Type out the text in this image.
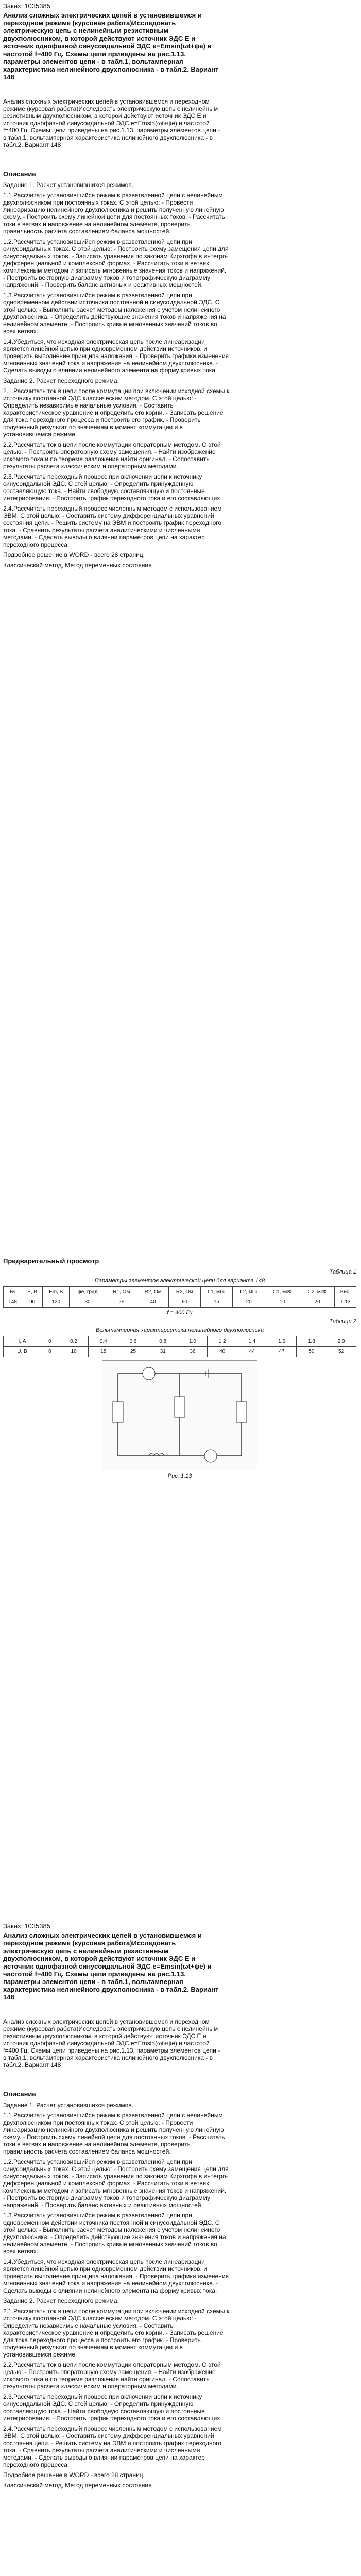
Заказ: 1035385

Анализ сложных электрических цепей в установившемся и переходном режиме (курсовая работа)Исследовать электрическую цепь с нелинейным резистивным двухполюсником, в которой действуют источник ЭДС E и источник однофазной синусоидальной ЭДС e=Emsin(ωt+ψe) и частотой f=400 Гц. Схемы цепи приведены на рис.1.13, параметры элементов цепи - в табл.1, вольтамперная характеристика нелинейного двухполюсника - в табл.2. Вариант 148

Анализ сложных электрических цепей в установившемся и переходном режиме (курсовая работа)Исследовать электрическую цепь с нелинейным резистивным двухполюсником, в которой действуют источник ЭДС E и источник однофазной синусоидальной ЭДС e=Emsin(ωt+ψe) и частотой f=400 Гц. Схемы цепи приведены на рис.1.13, параметры элементов цепи - в табл.1, вольтамперная характеристика нелинейного двухполюсника - в табл.2. Вариант 148

Описание

Задание 1. Расчет установившихся режимов.
1.1.Рассчитать установившийся режим в разветвленной цепи с нелинейным двухполюсником при постоянных токах. С этой целью: - Провести линеаризацию нелинейного двухполюсника и решить полученную линейную схему. - Построить схему линейной цепи для постоянных токов. - Рассчитать токи в ветвях и напряжение на нелинейном элементе, проверить правильность расчета составлением баланса мощностей.
1.2.Рассчитать установившийся режим в разветвленной цепи при синусоидальных токах. С этой целью: - Построить схему замещения цепи для синусоидальных токов. - Записать уравнения по законам Кирхгофа в интегро-дифференциальной и комплексной формах. - Рассчитать токи в ветвях комплексным методом и записать мгновенные значения токов и напряжений. - Построить векторную диаграмму токов и топографическую диаграмму напряжений. - Проверить баланс активных и реактивных мощностей.
1.3.Рассчитать установившийся режим в разветвленной цепи при одновременном действии источника постоянной и синусоидальной ЭДС. С этой целью: - Выполнить расчет методом наложения с учетом нелинейного двухполюсника. - Определить действующие значения токов и напряжения на нелинейном элементе. - Построить кривые мгновенных значений токов во всех ветвях.
1.4.Убедиться, что исходная электрическая цепь после линеаризации является линейной цепью при одновременном действии источников, и проверить выполнение принципа наложения. - Проверить графики изменения мгновенных значений тока и напряжения на нелинейном двухполюснике. - Сделать выводы о влиянии нелинейного элемента на форму кривых тока.
Задание 2. Расчет переходного режима.
2.1.Рассчитать ток в цепи после коммутации при включении исходной схемы к источнику постоянной ЭДС классическим методом. С этой целью: - Определить независимые начальные условия. - Составить характеристическое уравнение и определить его корни. - Записать решение для тока переходного процесса и построить его график. - Проверить полученный результат по значениям в момент коммутации и в установившемся режиме.
2.2.Рассчитать ток в цепи после коммутации операторным методом. С этой целью: - Построить операторную схему замещения. - Найти изображение искомого тока и по теореме разложения найти оригинал. - Сопоставить результаты расчета классическим и операторным методами.
2.3.Рассчитать переходный процесс при включении цепи к источнику синусоидальной ЭДС. С этой целью: - Определить принужденную составляющую тока. - Найти свободную составляющую и постоянные интегрирования. - Построить график переходного тока и его составляющих.
2.4.Рассчитать переходный процесс численным методом с использованием ЭВМ. С этой целью: - Составить систему дифференциальных уравнений состояния цепи. - Решить систему на ЭВМ и построить график переходного тока. - Сравнить результаты расчета аналитическими и численными методами. - Сделать выводы о влиянии параметров цепи на характер переходного процесса.
Подробное решение в WORD - всего 28 страниц.
Классический метод, Метод переменных состояния

Предварительный просмотр

Таблица 1

Параметры элементов электрической цепи для варианта 148

№	E, В	Em, В	ψe, град	R1, Ом	R2, Ом	R3, Ом	L1, мГн	L2, мГн	C1, мкФ	C2, мкФ	Рис.
148	90	120	30	25	40	60	15	20	10	20	1.13

f = 400 Гц

Таблица 2

Вольтамперная характеристика нелинейного двухполюсника

I, А	0	0.2	0.4	0.6	0.8	1.0	1.2	1.4	1.6	1.8	2.0
U, В	0	10	18	25	31	36	40	44	47	50	52

Рис. 1.13

Заказ: 1035385

Анализ сложных электрических цепей в установившемся и переходном режиме (курсовая работа)Исследовать электрическую цепь с нелинейным резистивным двухполюсником, в которой действуют источник ЭДС E и источник однофазной синусоидальной ЭДС e=Emsin(ωt+ψe) и частотой f=400 Гц. Схемы цепи приведены на рис.1.13, параметры элементов цепи - в табл.1, вольтамперная характеристика нелинейного двухполюсника - в табл.2. Вариант 148

Анализ сложных электрических цепей в установившемся и переходном режиме (курсовая работа)Исследовать электрическую цепь с нелинейным резистивным двухполюсником, в которой действуют источник ЭДС E и источник однофазной синусоидальной ЭДС e=Emsin(ωt+ψe) и частотой f=400 Гц. Схемы цепи приведены на рис.1.13, параметры элементов цепи - в табл.1, вольтамперная характеристика нелинейного двухполюсника - в табл.2. Вариант 148

Описание

Задание 1. Расчет установившихся режимов.
1.1.Рассчитать установившийся режим в разветвленной цепи с нелинейным двухполюсником при постоянных токах. С этой целью: - Провести линеаризацию нелинейного двухполюсника и решить полученную линейную схему. - Построить схему линейной цепи для постоянных токов. - Рассчитать токи в ветвях и напряжение на нелинейном элементе, проверить правильность расчета составлением баланса мощностей.
1.2.Рассчитать установившийся режим в разветвленной цепи при синусоидальных токах. С этой целью: - Построить схему замещения цепи для синусоидальных токов. - Записать уравнения по законам Кирхгофа в интегро-дифференциальной и комплексной формах. - Рассчитать токи в ветвях комплексным методом и записать мгновенные значения токов и напряжений. - Построить векторную диаграмму токов и топографическую диаграмму напряжений. - Проверить баланс активных и реактивных мощностей.
1.3.Рассчитать установившийся режим в разветвленной цепи при одновременном действии источника постоянной и синусоидальной ЭДС. С этой целью: - Выполнить расчет методом наложения с учетом нелинейного двухполюсника. - Определить действующие значения токов и напряжения на нелинейном элементе. - Построить кривые мгновенных значений токов во всех ветвях.
1.4.Убедиться, что исходная электрическая цепь после линеаризации является линейной цепью при одновременном действии источников, и проверить выполнение принципа наложения. - Проверить графики изменения мгновенных значений тока и напряжения на нелинейном двухполюснике. - Сделать выводы о влиянии нелинейного элемента на форму кривых тока.
Задание 2. Расчет переходного режима.
2.1.Рассчитать ток в цепи после коммутации при включении исходной схемы к источнику постоянной ЭДС классическим методом. С этой целью: - Определить независимые начальные условия. - Составить характеристическое уравнение и определить его корни. - Записать решение для тока переходного процесса и построить его график. - Проверить полученный результат по значениям в момент коммутации и в установившемся режиме.
2.2.Рассчитать ток в цепи после коммутации операторным методом. С этой целью: - Построить операторную схему замещения. - Найти изображение искомого тока и по теореме разложения найти оригинал. - Сопоставить результаты расчета классическим и операторным методами.
2.3.Рассчитать переходный процесс при включении цепи к источнику синусоидальной ЭДС. С этой целью: - Определить принужденную составляющую тока. - Найти свободную составляющую и постоянные интегрирования. - Построить график переходного тока и его составляющих.
2.4.Рассчитать переходный процесс численным методом с использованием ЭВМ. С этой целью: - Составить систему дифференциальных уравнений состояния цепи. - Решить систему на ЭВМ и построить график переходного тока. - Сравнить результаты расчета аналитическими и численными методами. - Сделать выводы о влиянии параметров цепи на характер переходного процесса.
Подробное решение в WORD - всего 28 страниц.
Классический метод, Метод переменных состояния
